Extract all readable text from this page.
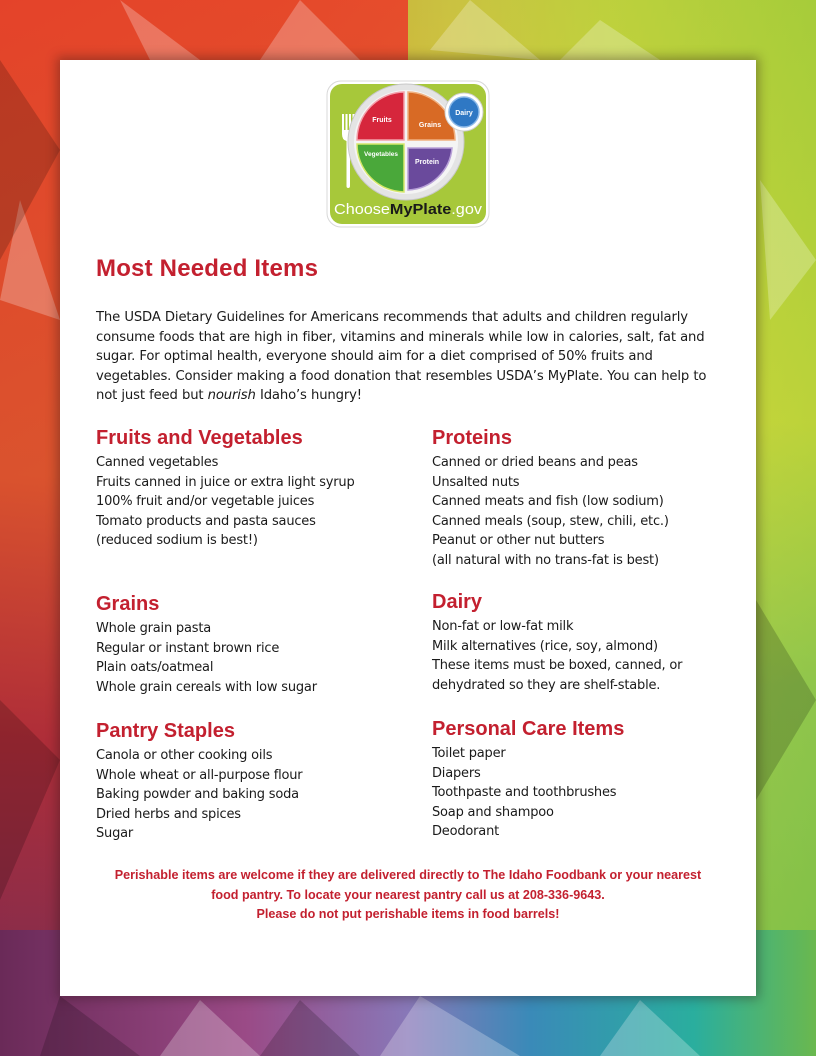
Fruits
Grains
Vegetables
Protein
Dairy
Choose MyPlate .gov
Most Needed Items

The USDA Dietary Guidelines for Americans recommends that adults and children regularly consume foods that are high in fiber, vitamins and minerals while low in calories, salt, fat and sugar. For optimal health, everyone should aim for a diet comprised of 50% fruits and vegetables. Consider making a food donation that resembles USDA’s MyPlate. You can help to not just feed but nourish Idaho’s hungry!

Fruits and Vegetables
Canned vegetables
Fruits canned in juice or extra light syrup
100% fruit and/or vegetable juices
Tomato products and pasta sauces
(reduced sodium is best!)
Proteins
Canned or dried beans and peas
Unsalted nuts
Canned meats and fish (low sodium)
Canned meals (soup, stew, chili, etc.)
Peanut or other nut butters
(all natural with no trans-fat is best)
Grains
Whole grain pasta
Regular or instant brown rice
Plain oats/oatmeal
Whole grain cereals with low sugar
Dairy
Non-fat or low-fat milk
Milk alternatives (rice, soy, almond)
These items must be boxed, canned, or
dehydrated so they are shelf-stable.
Pantry Staples
Canola or other cooking oils
Whole wheat or all-purpose flour
Baking powder and baking soda
Dried herbs and spices
Sugar
Personal Care Items
Toilet paper
Diapers
Toothpaste and toothbrushes
Soap and shampoo
Deodorant

Perishable items are welcome if they are delivered directly to The Idaho Foodbank or your nearest
food pantry. To locate your nearest pantry call us at 208-336-9643.
Please do not put perishable items in food barrels!
